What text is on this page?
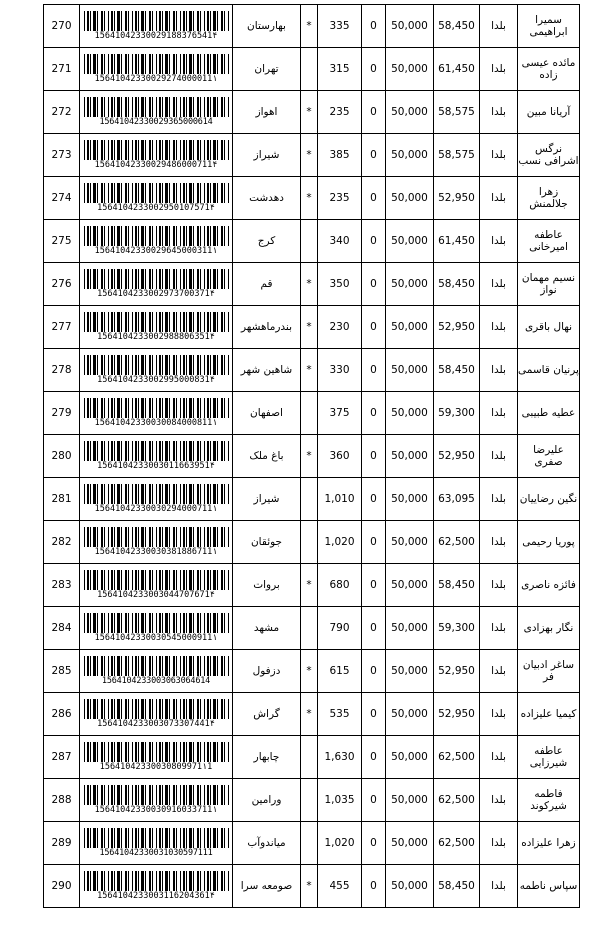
سمیرا ابراهیمی	بلدا	58,450	50,000	0	335	*	بهارستان	15641042330029188376541۴	270
مائده عیسی زاده	بلدا	61,450	50,000	0	315		تهران	15641042330029274000011۱	271
آریانا مبین	بلدا	58,575	50,000	0	235	*	اهواز	15641042330029365000614	272
نرگس اشرافی نسب	بلدا	58,575	50,000	0	385	*	شیراز	15641042330029486000711۴	273
زهرا جلالمنش	بلدا	52,950	50,000	0	235	*	دهدشت	1564104233002950107571۴	274
عاطفه امیرخانی	بلدا	61,450	50,000	0	340		کرج	15641042330029645000311۱	275
نسیم مهمان نواز	بلدا	58,450	50,000	0	350	*	قم	1564104233002973700371۴	276
نهال باقری	بلدا	52,950	50,000	0	230	*	بندرماهشهر	1564104233002988806351۴	277
پرنیان قاسمی	بلدا	58,450	50,000	0	330	*	شاهین شهر	1564104233002995000831۴	278
عطیه طبیبی	بلدا	59,300	50,000	0	375		اصفهان	15641042330030084000811۱	279
علیرضا صفری	بلدا	52,950	50,000	0	360	*	باغ ملک	1564104233003011663951۴	280
نگین رضاییان	بلدا	63,095	50,000	0	1,010		شیراز	15641042330030294000711۱	281
پوریا رحیمی	بلدا	62,500	50,000	0	1,020		جوئقان	15641042330030381886711۱	282
فائزه ناصری	بلدا	58,450	50,000	0	680	*	بروات	1564104233003044707671۴	283
نگار بهزادی	بلدا	59,300	50,000	0	790		مشهد	15641042330030545000911۱	284
ساغر ادبیان فر	بلدا	52,950	50,000	0	615	*	دزفول	1564104233003063064614	285
کیمیا علیزاده	بلدا	52,950	50,000	0	535	*	گراش	1564104233003073307441۴	286
عاطفه شیرزایی	بلدا	62,500	50,000	0	1,630		چابهار	15641042330030809971۱1	287
فاطمه شیرکوند	بلدا	62,500	50,000	0	1,035		ورامین	15641042330030916033711۱	288
زهرا علیزاده	بلدا	62,500	50,000	0	1,020		میاندوآب	15641042330031030597111	289
سپاس ناطمه	بلدا	58,450	50,000	0	455	*	صومعه سرا	1564104233003116204361۴	290
